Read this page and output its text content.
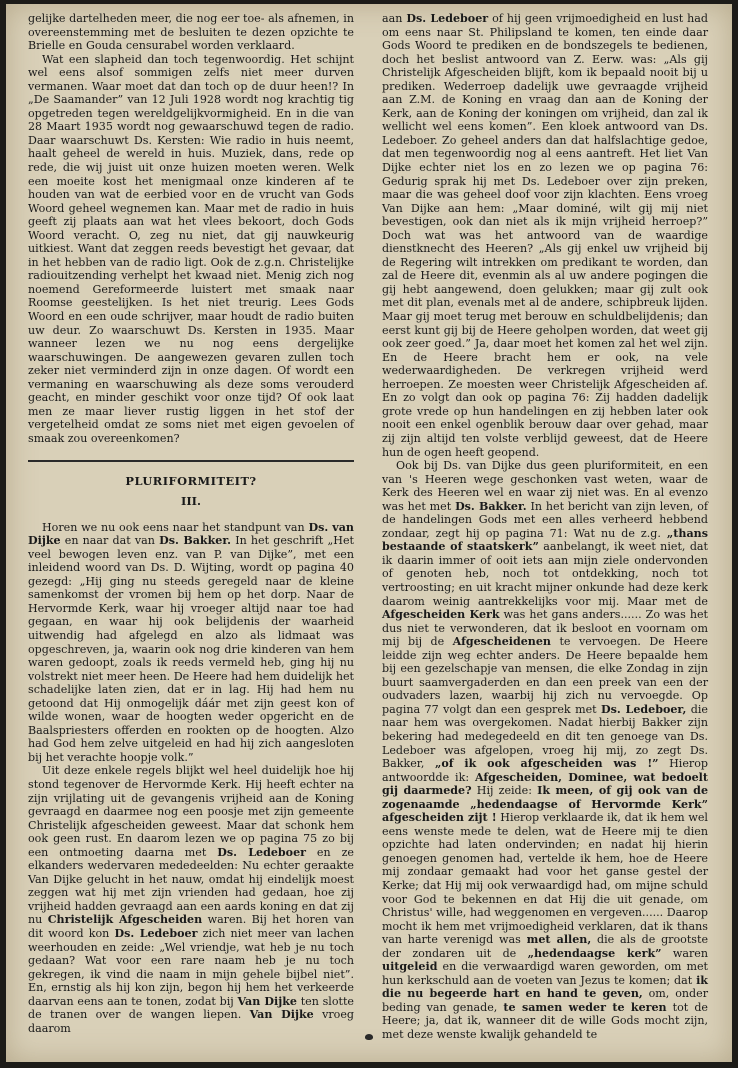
gelijke dartelheden meer, die nog eer toe- als afnemen, in overeenstemming met de besluiten te dezen opzichte te Brielle en Gouda censurabel worden verklaard.

Wat een slapheid dan toch tegenwoordig. Het schijnt wel eens alsof sommigen zelfs niet meer durven vermanen. Waar moet dat dan toch op de duur heen!? In „De Saamander” van 12 Juli 1928 wordt nog krachtig tig opgetreden tegen wereldgelijkvormigheid. En in die van 28 Maart 1935 wordt nog gewaarschuwd tegen de radio. Daar waarschuwt Ds. Kersten: Wie radio in huis neemt, haalt geheel de wereld in huis. Muziek, dans, rede op rede, die wij juist uit onze huizen moeten weren. Welk een moeite kost het menigmaal onze kinderen af te houden van wat de eerbied voor en de vrucht van Gods Woord geheel wegnemen kan. Maar met de radio in huis geeft zij plaats aan wat het vlees bekoort, doch Gods Woord veracht. O, zeg nu niet, dat gij nauwkeurig uitkiest. Want dat zeggen reeds bevestigt het gevaar, dat in het hebben van de radio ligt. Ook de z.g.n. Christelijke radiouitzending verhelpt het kwaad niet. Menig zich nog noemend Gereformeerde luistert met smaak naar Roomse geestelijken. Is het niet treurig. Lees Gods Woord en een oude schrijver, maar houdt de radio buiten uw deur. Zo waarschuwt Ds. Kersten in 1935. Maar wanneer lezen we nu nog eens dergelijke waarschuwingen. De aangewezen gevaren zullen toch zeker niet verminderd zijn in onze dagen. Of wordt een vermaning en waarschuwing als deze soms verouderd geacht, en minder geschikt voor onze tijd? Of ook laat men ze maar liever rustig liggen in het stof der vergetelheid omdat ze soms niet met eigen gevoelen of smaak zou overeenkomen?

PLURIFORMITEIT?
III.

Horen we nu ook eens naar het standpunt van Ds. van Dijke en naar dat van Ds. Bakker. In het geschrift „Het veel bewogen leven enz. van P. van Dijke”, met een inleidend woord van Ds. D. Wijting, wordt op pagina 40 gezegd: „Hij ging nu steeds geregeld naar de kleine samenkomst der vromen bij hem op het dorp. Naar de Hervormde Kerk, waar hij vroeger altijd naar toe had gegaan, en waar hij ook belijdenis der waarheid uitwendig had afgelegd en alzo als lidmaat was opgeschreven, ja, waarin ook nog drie kinderen van hem waren gedoopt, zoals ik reeds vermeld heb, ging hij nu volstrekt niet meer heen. De Heere had hem duidelijk het schadelijke laten zien, dat er in lag. Hij had hem nu getoond dat Hij onmogelijk dáár met zijn geest kon of wilde wonen, waar de hoogten weder opgericht en de Baalspriesters offerden en rookten op de hoogten. Alzo had God hem zelve uitgeleid en had hij zich aangesloten bij het verachte hoopje volk.”

Uit deze enkele regels blijkt wel heel duidelijk hoe hij stond tegenover de Hervormde Kerk. Hij heeft echter na zijn vrijlating uit de gevangenis vrijheid aan de Koning gevraagd en daarmee nog een poosje met zijn gemeente Christelijk afgescheiden geweest. Maar dat schonk hem ook geen rust. En daarom lezen we op pagina 75 zo bij een ontmoeting daarna met Ds. Ledeboer en ze elkanders wedervaren mededeelden: Nu echter geraakte Van Dijke gelucht in het nauw, omdat hij eindelijk moest zeggen wat hij met zijn vrienden had gedaan, hoe zij vrijheid hadden gevraagd aan een aards koning en dat zij nu Christelijk Afgescheiden waren. Bij het horen van dit woord kon Ds. Ledeboer zich niet meer van lachen weerhouden en zeide: „Wel vriendje, wat heb je nu toch gedaan? Wat voor een rare naam heb je nu toch gekregen, ik vind die naam in mijn gehele bijbel niet”. En, ernstig als hij kon zijn, begon hij hem het verkeerde daarvan eens aan te tonen, zodat bij Van Dijke ten slotte de tranen over de wangen liepen. Van Dijke vroeg daarom

aan Ds. Ledeboer of hij geen vrijmoedigheid en lust had om eens naar St. Philipsland te komen, ten einde daar Gods Woord te prediken en de bondszegels te bedienen, doch het beslist antwoord van Z. Eerw. was: „Als gij Christelijk Afgescheiden blijft, kom ik bepaald nooit bij u prediken. Wederroep dadelijk uwe gevraagde vrijheid aan Z.M. de Koning en vraag dan aan de Koning der Kerk, aan de Koning der koningen om vrijheid, dan zal ik wellicht wel eens komen”. Een kloek antwoord van Ds. Ledeboer. Zo geheel anders dan dat halfslachtige gedoe, dat men tegenwoordig nog al eens aantreft. Het liet Van Dijke echter niet los en zo lezen we op pagina 76: Gedurig sprak hij met Ds. Ledeboer over zijn preken, maar die was geheel doof voor zijn klachten. Eens vroeg Van Dijke aan hem: „Maar dominé, wilt gij mij niet bevestigen, ook dan niet als ik mijn vrijheid herroep?” Doch wat was het antwoord van de waardige dienstknecht des Heeren? „Als gij enkel uw vrijheid bij de Regering wilt intrekken om predikant te worden, dan zal de Heere dit, evenmin als al uw andere pogingen die gij hebt aangewend, doen gelukken; maar gij zult ook met dit plan, evenals met al de andere, schipbreuk lijden. Maar gij moet terug met berouw en schuldbelijdenis; dan eerst kunt gij bij de Heere geholpen worden, dat weet gij ook zeer goed.” Ja, daar moet het komen zal het wel zijn. En de Heere bracht hem er ook, na vele wederwaardigheden. De verkregen vrijheid werd herroepen. Ze moesten weer Christelijk Afgescheiden af. En zo volgt dan ook op pagina 76: Zij hadden dadelijk grote vrede op hun handelingen en zij hebben later ook nooit een enkel ogenblik berouw daar over gehad, maar zij zijn altijd ten volste verblijd geweest, dat de Heere hun de ogen heeft geopend.

Ook bij Ds. van Dijke dus geen pluriformiteit, en een van 's Heeren wege geschonken vast weten, waar de Kerk des Heeren wel en waar zij niet was. En al evenzo was het met Ds. Bakker. In het bericht van zijn leven, of de handelingen Gods met een alles verheerd hebbend zondaar, zegt hij op pagina 71: Wat nu de z.g. „thans bestaande of staatskerk” aanbelangt, ik weet niet, dat ik daarin immer of ooit iets aan mijn ziele ondervonden of genoten heb, noch tot ontdekking, noch tot vertroosting; en uit kracht mijner onkunde had deze kerk daarom weinig aantrekkelijks voor mij. Maar met de Afgescheiden Kerk was het gans anders...... Zo was het dus niet te verwonderen, dat ik besloot en voornam om mij bij de Afgescheidenen te vervoegen. De Heere leidde zijn weg echter anders. De Heere bepaalde hem bij een gezelschapje van mensen, die elke Zondag in zijn buurt saamvergaderden en dan een preek van een der oudvaders lazen, waarbij hij zich nu vervoegde. Op pagina 77 volgt dan een gesprek met Ds. Ledeboer, die naar hem was overgekomen. Nadat hierbij Bakker zijn bekering had medegedeeld en dit ten genoege van Ds. Ledeboer was afgelopen, vroeg hij mij, zo zegt Ds. Bakker, „of ik ook afgescheiden was !” Hierop antwoordde ik: Afgescheiden, Dominee, wat bedoelt gij daarmede? Hij zeide: Ik meen, of gij ook van de zogenaamde „hedendaagse of Hervormde Kerk” afgescheiden zijt ! Hierop verklaarde ik, dat ik hem wel eens wenste mede te delen, wat de Heere mij te dien opzichte had laten ondervinden; en nadat hij hierin genoegen genomen had, vertelde ik hem, hoe de Heere mij zondaar gemaakt had voor het ganse gestel der Kerke; dat Hij mij ook verwaardigd had, om mijne schuld voor God te bekennen en dat Hij die uit genade, om Christus' wille, had weggenomen en vergeven...... Daarop mocht ik hem met vrijmoedigheid verklaren, dat ik thans van harte verenigd was met allen, die als de grootste der zondaren uit de „hedendaagse kerk” waren uitgeleid en die verwaardigd waren geworden, om met hun kerkschuld aan de voeten van Jezus te komen; dat ik die nu begeerde hart en hand te geven, om, onder beding van genade, te samen weder te keren tot de Heere; ja, dat ik, wanneer dit de wille Gods mocht zijn, met deze wenste kwalijk gehandeld te
